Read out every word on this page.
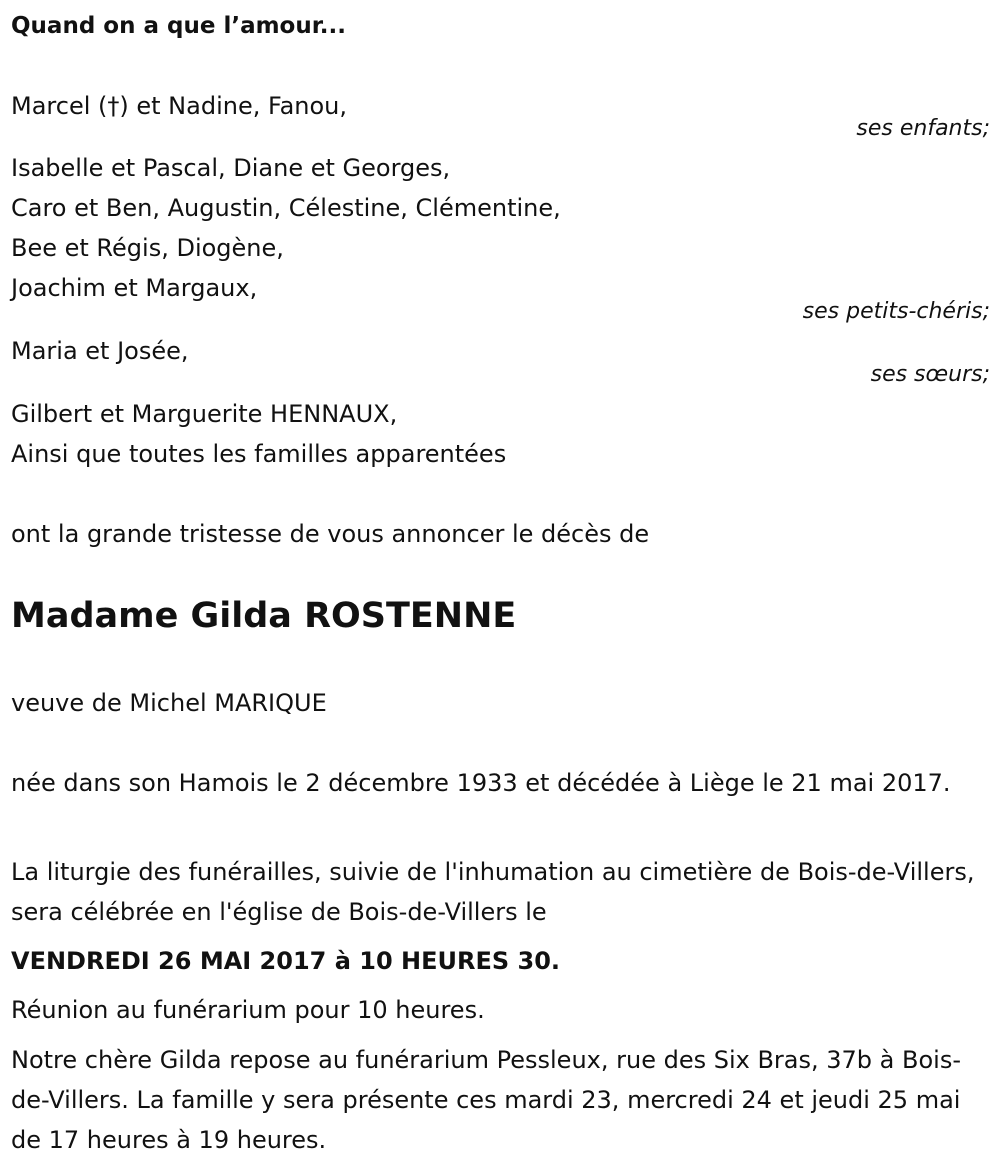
Quand on a que l’amour...

Marcel (†) et Nadine, Fanou,

ses enfants;

Isabelle et Pascal, Diane et Georges,

Caro et Ben, Augustin, Célestine, Clémentine,

Bee et Régis, Diogène,

Joachim et Margaux,

ses petits-chéris;

Maria et Josée,

ses sœurs;

Gilbert et Marguerite HENNAUX,

Ainsi que toutes les familles apparentées

ont la grande tristesse de vous annoncer le décès de

Madame Gilda ROSTENNE

veuve de Michel MARIQUE

née dans son Hamois le 2 décembre 1933 et décédée à Liège le 21 mai 2017.

La liturgie des funérailles, suivie de l'inhumation au cimetière de Bois-de-Villers, sera célébrée en l'église de Bois-de-Villers le

VENDREDI 26 MAI 2017 à 10 HEURES 30.

Réunion au funérarium pour 10 heures.

Notre chère Gilda repose au funérarium Pessleux, rue des Six Bras, 37b à Bois-de-Villers. La famille y sera présente ces mardi 23, mercredi 24 et jeudi 25 mai de 17 heures à 19 heures.
